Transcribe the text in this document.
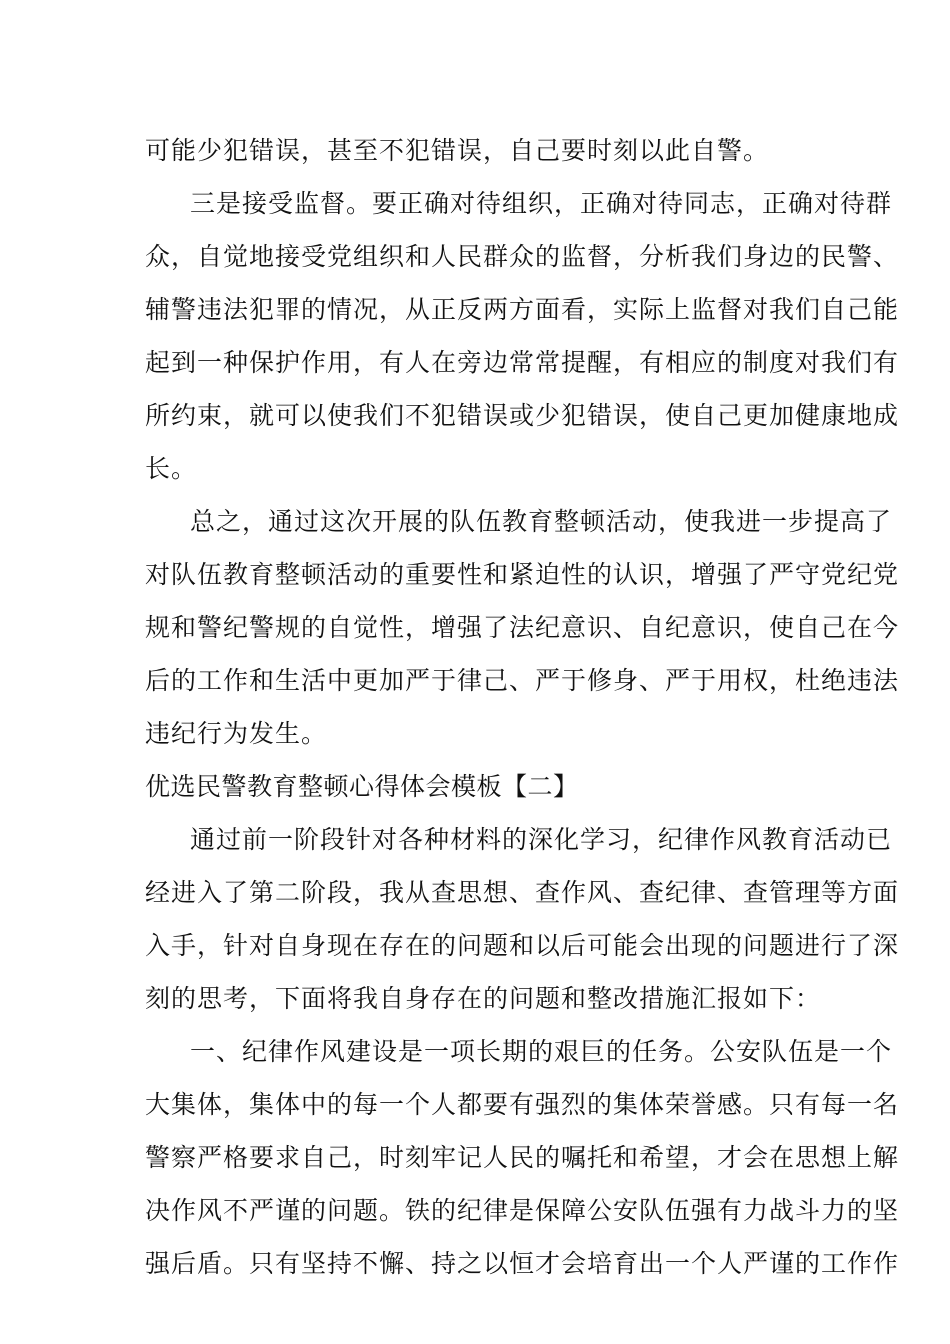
可能少犯错误，甚至不犯错误，自己要时刻以此自警。
三是接受监督。要正确对待组织，正确对待同志，正确对待群
众，自觉地接受党组织和人民群众的监督，分析我们身边的民警、
辅警违法犯罪的情况，从正反两方面看，实际上监督对我们自己能
起到一种保护作用，有人在旁边常常提醒，有相应的制度对我们有
所约束，就可以使我们不犯错误或少犯错误，使自己更加健康地成
长。
总之，通过这次开展的队伍教育整顿活动，使我进一步提高了
对队伍教育整顿活动的重要性和紧迫性的认识，增强了严守党纪党
规和警纪警规的自觉性，增强了法纪意识、自纪意识，使自己在今
后的工作和生活中更加严于律己、严于修身、严于用权，杜绝违法
违纪行为发生。
优选民警教育整顿心得体会模板【二】
通过前一阶段针对各种材料的深化学习，纪律作风教育活动已
经进入了第二阶段，我从查思想、查作风、查纪律、查管理等方面
入手，针对自身现在存在的问题和以后可能会出现的问题进行了深
刻的思考，下面将我自身存在的问题和整改措施汇报如下：
一、纪律作风建设是一项长期的艰巨的任务。公安队伍是一个
大集体，集体中的每一个人都要有强烈的集体荣誉感。只有每一名
警察严格要求自己，时刻牢记人民的嘱托和希望，才会在思想上解
决作风不严谨的问题。铁的纪律是保障公安队伍强有力战斗力的坚
强后盾。只有坚持不懈、持之以恒才会培育出一个人严谨的工作作
